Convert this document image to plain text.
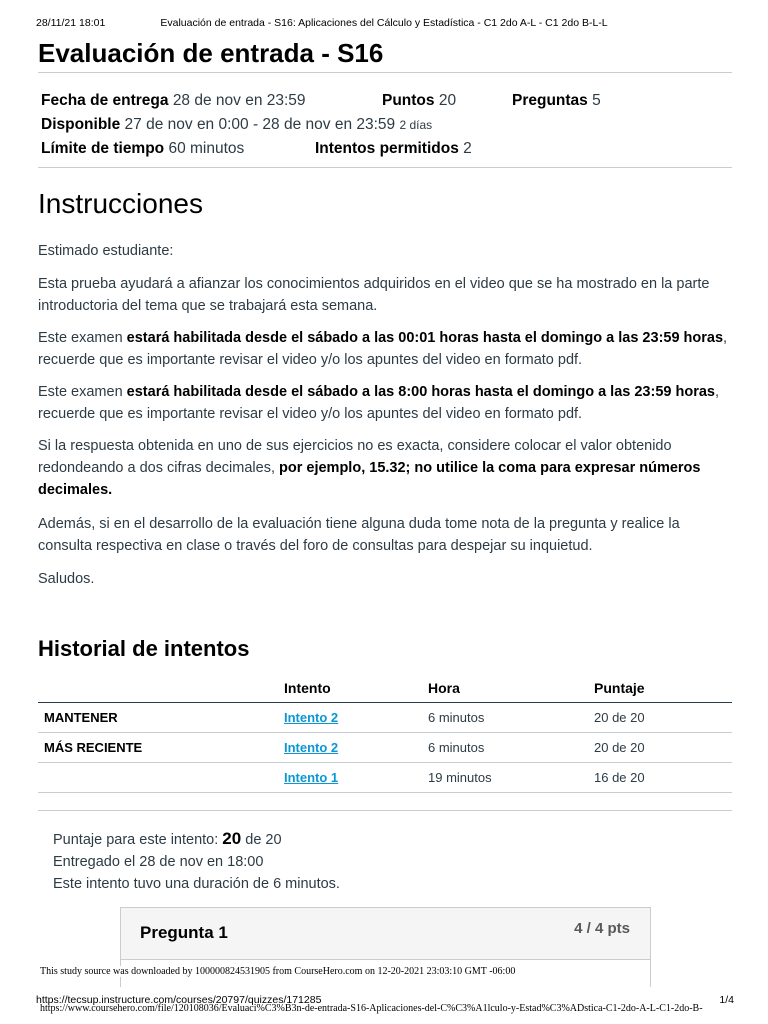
28/11/21 18:01	Evaluación de entrada - S16: Aplicaciones del Cálculo y Estadística - C1 2do A-L - C1 2do B-L-L
Evaluación de entrada - S16
Fecha de entrega 28 de nov en 23:59	Puntos 20	Preguntas 5
Disponible 27 de nov en 0:00 - 28 de nov en 23:59 2 días
Límite de tiempo 60 minutos	Intentos permitidos 2
Instrucciones

Estimado estudiante:

Esta prueba ayudará a afianzar los conocimientos adquiridos en el video que se ha mostrado en la parte introductoria del tema que se trabajará esta semana.

Este examen estará habilitada desde el sábado a las 00:01 horas hasta el domingo a las 23:59 horas, recuerde que es importante revisar el video y/o los apuntes del video en formato pdf.

Este examen estará habilitada desde el sábado a las 8:00 horas hasta el domingo a las 23:59 horas, recuerde que es importante revisar el video y/o los apuntes del video en formato pdf.

Si la respuesta obtenida en uno de sus ejercicios no es exacta, considere colocar el valor obtenido redondeando a dos cifras decimales, por ejemplo, 15.32; no utilice la coma para expresar números decimales.

Además, si en el desarrollo de la evaluación tiene alguna duda tome nota de la pregunta y realice la consulta respectiva en clase o través del foro de consultas para despejar su inquietud.

Saludos.

Historial de intentos
	Intento	Hora	Puntaje
MANTENER	Intento 2	6 minutos	20 de 20
MÁS RECIENTE	Intento 2	6 minutos	20 de 20
	Intento 1	19 minutos	16 de 20

Puntaje para este intento: 20 de 20
Entregado el 28 de nov en 18:00
Este intento tuvo una duración de 6 minutos.
Pregunta 1	4 / 4 pts
This study source was downloaded by 100000824531905 from CourseHero.com on 12-20-2021 23:03:10 GMT -06:00
https://tecsup.instructure.com/courses/20797/quizzes/171285	1/4
https://www.coursehero.com/file/120108036/Evaluaci%C3%B3n-de-entrada-S16-Aplicaciones-del-C%C3%A1lculo-y-Estad%C3%ADstica-C1-2do-A-L-C1-2do-B-
